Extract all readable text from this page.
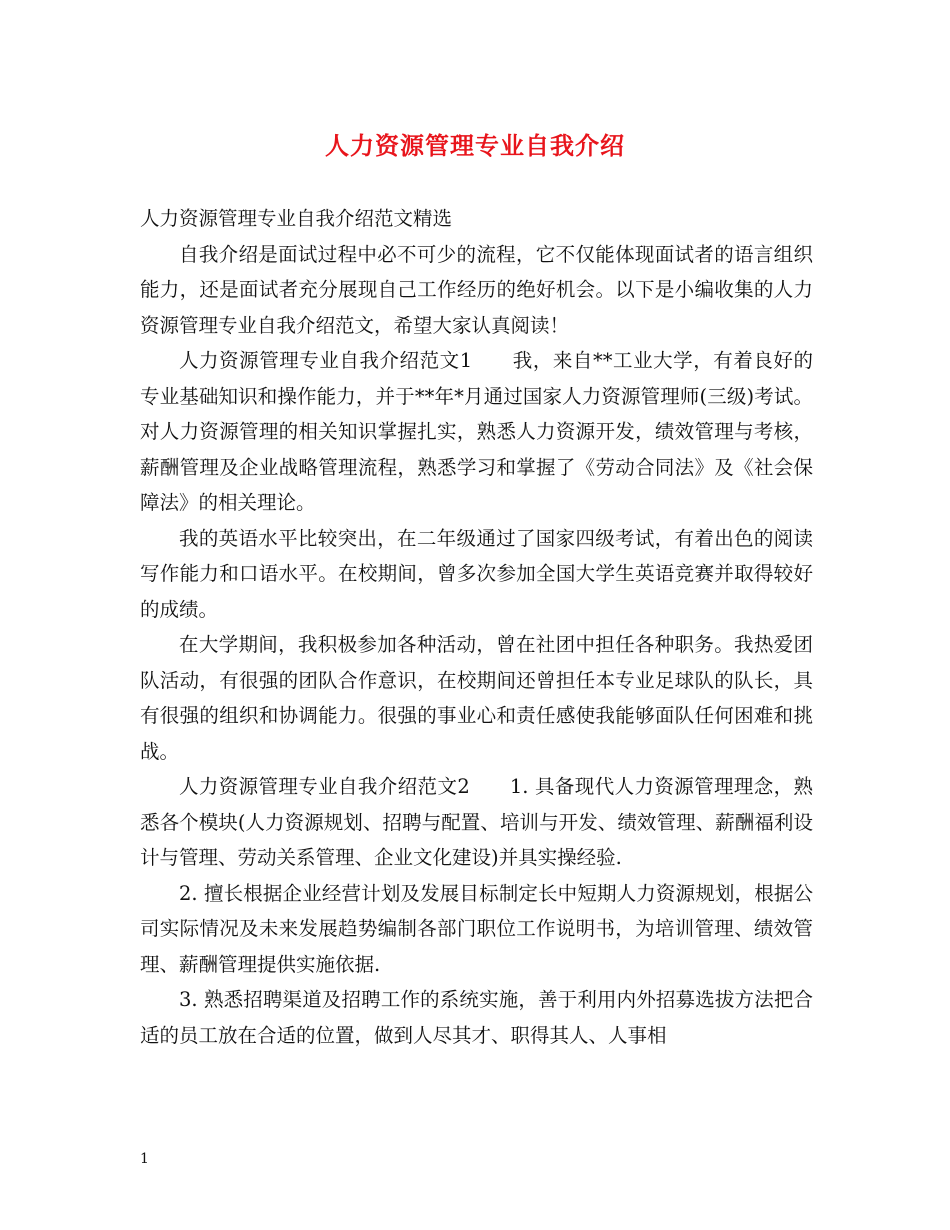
人力资源管理专业自我介绍

人力资源管理专业自我介绍范文精选

自我介绍是面试过程中必不可少的流程，它不仅能体现面试者的语言组织能力，还是面试者充分展现自己工作经历的绝好机会。以下是小编收集的人力资源管理专业自我介绍范文，希望大家认真阅读！

人力资源管理专业自我介绍范文1　　我，来自**工业大学，有着良好的专业基础知识和操作能力，并于**年*月通过国家人力资源管理师(三级)考试。对人力资源管理的相关知识掌握扎实，熟悉人力资源开发，绩效管理与考核，薪酬管理及企业战略管理流程，熟悉学习和掌握了《劳动合同法》及《社会保障法》的相关理论。

我的英语水平比较突出，在二年级通过了国家四级考试，有着出色的阅读写作能力和口语水平。在校期间，曾多次参加全国大学生英语竞赛并取得较好的成绩。

在大学期间，我积极参加各种活动，曾在社团中担任各种职务。我热爱团队活动，有很强的团队合作意识，在校期间还曾担任本专业足球队的队长，具有很强的组织和协调能力。很强的事业心和责任感使我能够面队任何困难和挑战。

人力资源管理专业自我介绍范文2　　1. 具备现代人力资源管理理念，熟悉各个模块(人力资源规划、招聘与配置、培训与开发、绩效管理、薪酬福利设计与管理、劳动关系管理、企业文化建设)并具实操经验.

2. 擅长根据企业经营计划及发展目标制定长中短期人力资源规划，根据公司实际情况及未来发展趋势编制各部门职位工作说明书，为培训管理、绩效管理、薪酬管理提供实施依据.

3. 熟悉招聘渠道及招聘工作的系统实施，善于利用内外招募选拔方法把合适的员工放在合适的位置，做到人尽其才、职得其人、人事相

1
